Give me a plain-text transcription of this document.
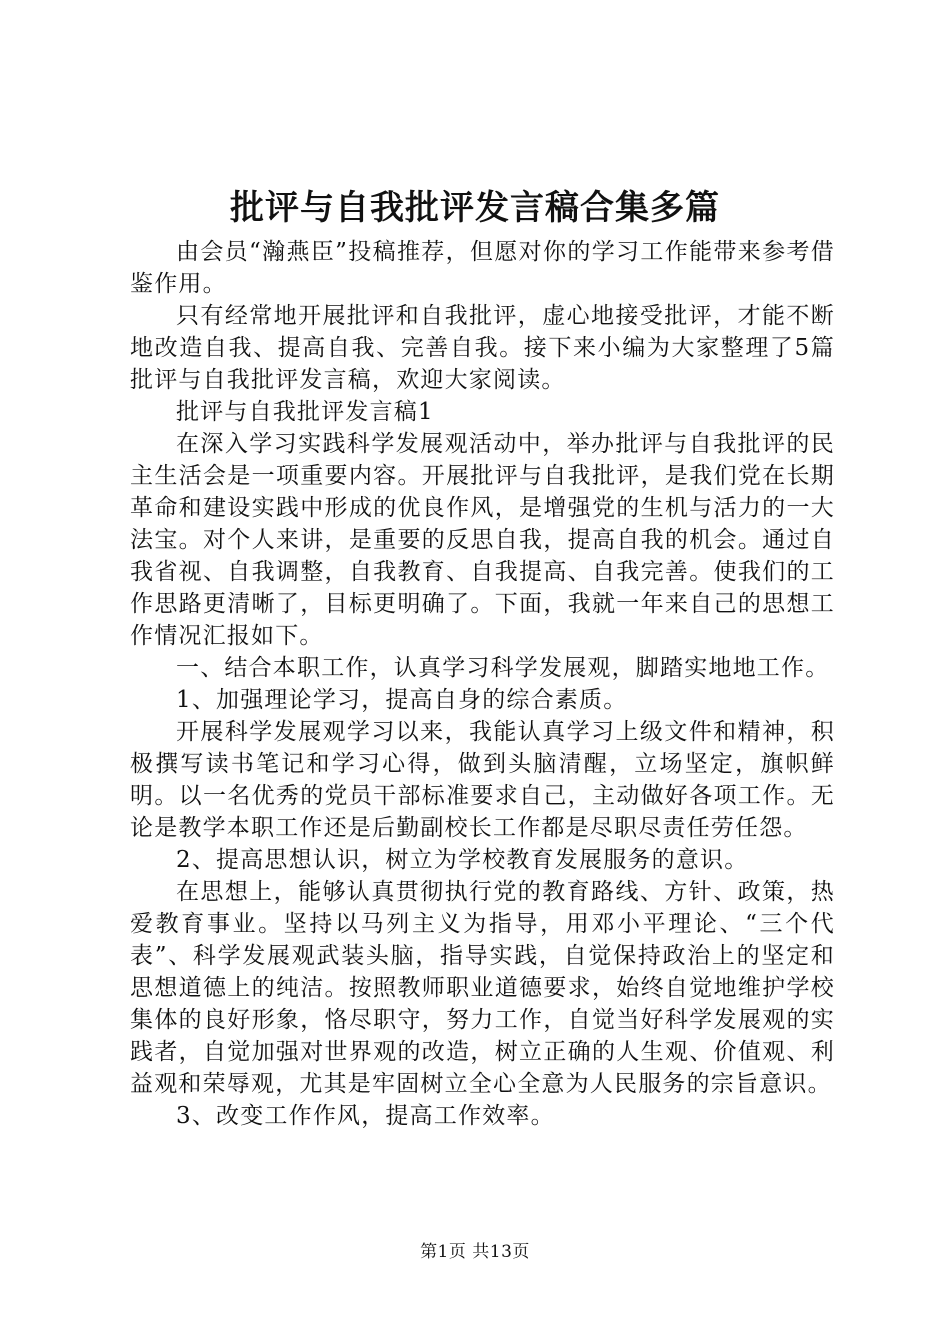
批评与自我批评发言稿合集多篇

由会员“瀚燕臣”投稿推荐，但愿对你的学习工作能带来参考借鉴作用。

只有经常地开展批评和自我批评，虚心地接受批评，才能不断地改造自我、提高自我、完善自我。接下来小编为大家整理了5篇批评与自我批评发言稿，欢迎大家阅读。

批评与自我批评发言稿1

在深入学习实践科学发展观活动中，举办批评与自我批评的民主生活会是一项重要内容。开展批评与自我批评，是我们党在长期革命和建设实践中形成的优良作风，是增强党的生机与活力的一大法宝。对个人来讲，是重要的反思自我，提高自我的机会。通过自我省视、自我调整，自我教育、自我提高、自我完善。使我们的工作思路更清晰了，目标更明确了。下面，我就一年来自己的思想工作情况汇报如下。

一、结合本职工作，认真学习科学发展观，脚踏实地地工作。

1、加强理论学习，提高自身的综合素质。

开展科学发展观学习以来，我能认真学习上级文件和精神，积极撰写读书笔记和学习心得，做到头脑清醒，立场坚定，旗帜鲜明。以一名优秀的党员干部标准要求自己，主动做好各项工作。无论是教学本职工作还是后勤副校长工作都是尽职尽责任劳任怨。

2、提高思想认识，树立为学校教育发展服务的意识。

在思想上，能够认真贯彻执行党的教育路线、方针、政策，热爱教育事业。坚持以马列主义为指导，用邓小平理论、“三个代表”、科学发展观武装头脑，指导实践，自觉保持政治上的坚定和思想道德上的纯洁。按照教师职业道德要求，始终自觉地维护学校集体的良好形象，恪尽职守，努力工作，自觉当好科学发展观的实践者，自觉加强对世界观的改造，树立正确的人生观、价值观、利益观和荣辱观，尤其是牢固树立全心全意为人民服务的宗旨意识。

3、改变工作作风，提高工作效率。

第1页 共13页
